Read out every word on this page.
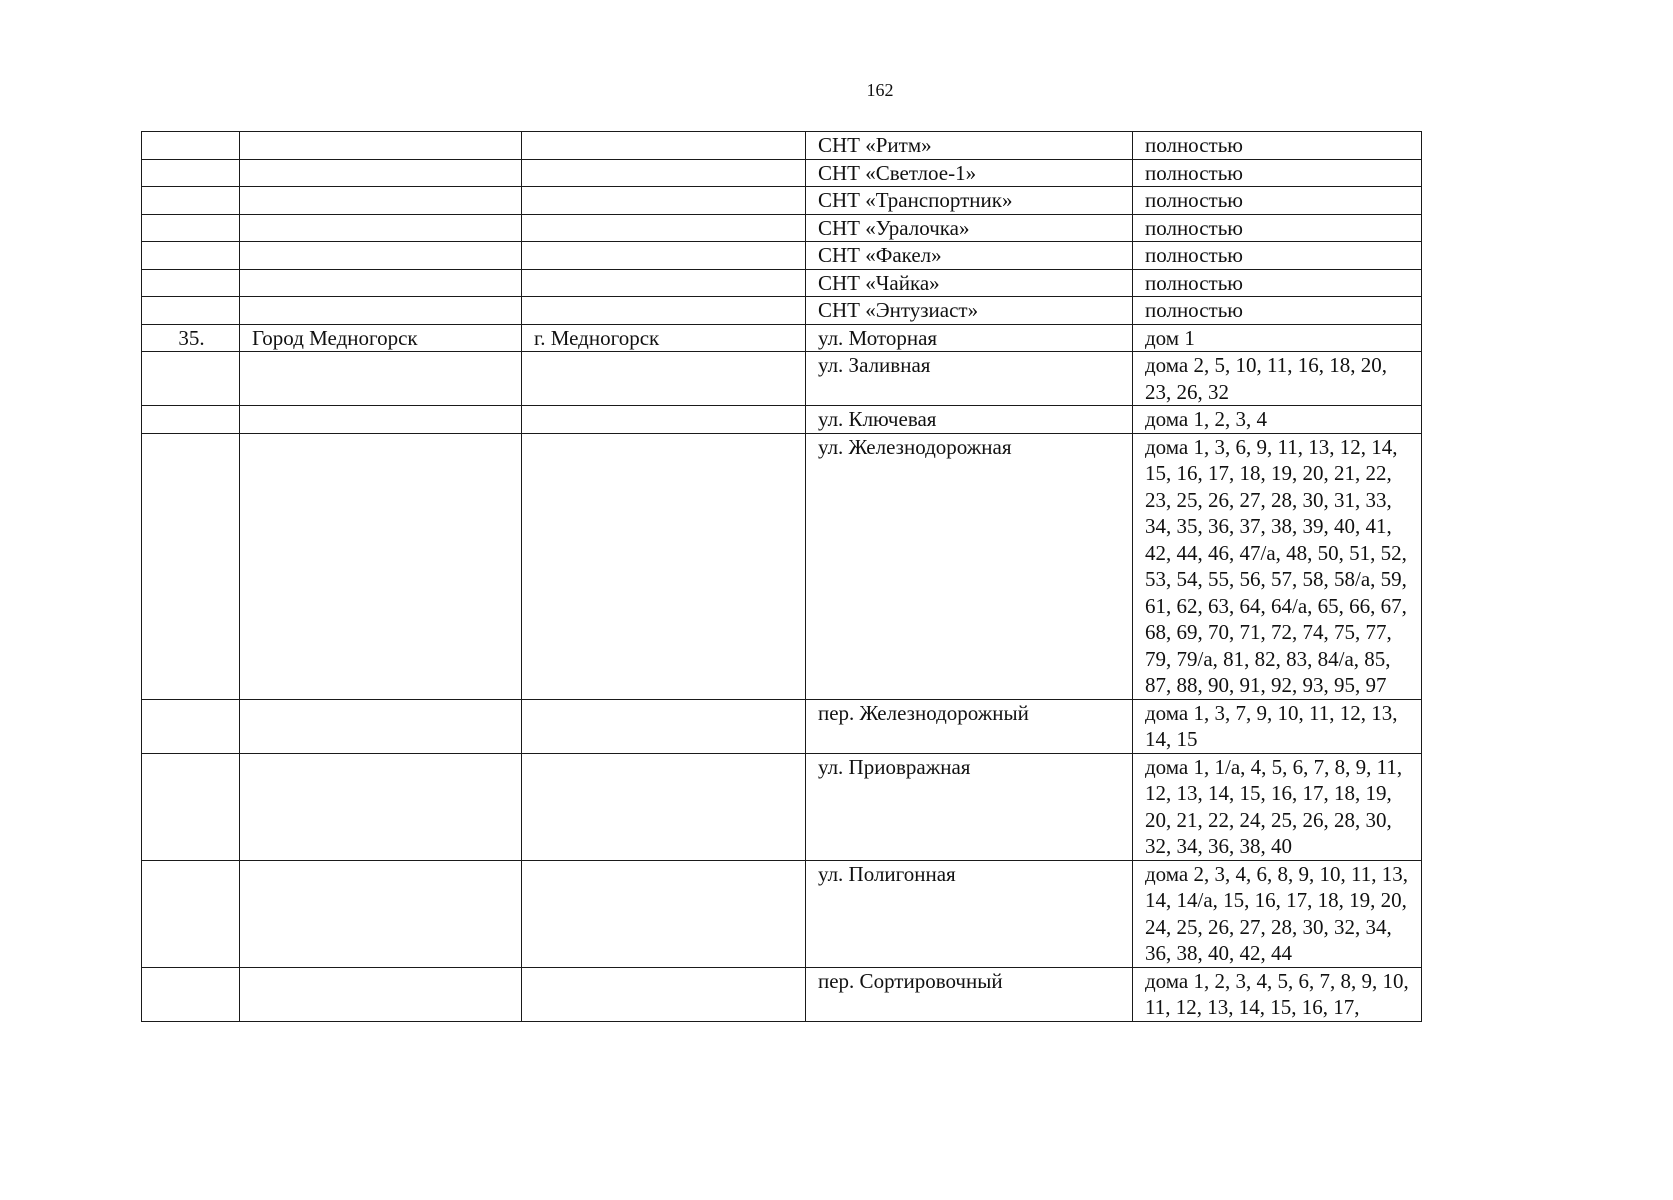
162
			СНТ «Ритм»	полностью
			СНТ «Светлое-1»	полностью
			СНТ «Транспортник»	полностью
			СНТ «Уралочка»	полностью
			СНТ «Факел»	полностью
			СНТ «Чайка»	полностью
			СНТ «Энтузиаст»	полностью
35.	Город Медногорск	г. Медногорск	ул. Моторная	дом 1
			ул. Заливная	дома 2, 5, 10, 11, 16, 18, 20, 23, 26, 32
			ул. Ключевая	дома 1, 2, 3, 4
			ул. Железнодорожная	дома 1, 3, 6, 9, 11, 13, 12, 14, 15, 16, 17, 18, 19, 20, 21, 22, 23, 25, 26, 27, 28, 30, 31, 33, 34, 35, 36, 37, 38, 39, 40, 41, 42, 44, 46, 47/а, 48, 50, 51, 52, 53, 54, 55, 56, 57, 58, 58/а, 59, 61, 62, 63, 64, 64/а, 65, 66, 67, 68, 69, 70, 71, 72, 74, 75, 77, 79, 79/а, 81, 82, 83, 84/а, 85, 87, 88, 90, 91, 92, 93, 95, 97
			пер. Железнодорожный	дома 1, 3, 7, 9, 10, 11, 12, 13, 14, 15
			ул. Приовражная	дома 1, 1/а, 4, 5, 6, 7, 8, 9, 11, 12, 13, 14, 15, 16, 17, 18, 19, 20, 21, 22, 24, 25, 26, 28, 30, 32, 34, 36, 38, 40
			ул. Полигонная	дома 2, 3, 4, 6, 8, 9, 10, 11, 13, 14, 14/а, 15, 16, 17, 18, 19, 20, 24, 25, 26, 27, 28, 30, 32, 34, 36, 38, 40, 42, 44
			пер. Сортировочный	дома 1, 2, 3, 4, 5, 6, 7, 8, 9, 10, 11, 12, 13, 14, 15, 16, 17,
